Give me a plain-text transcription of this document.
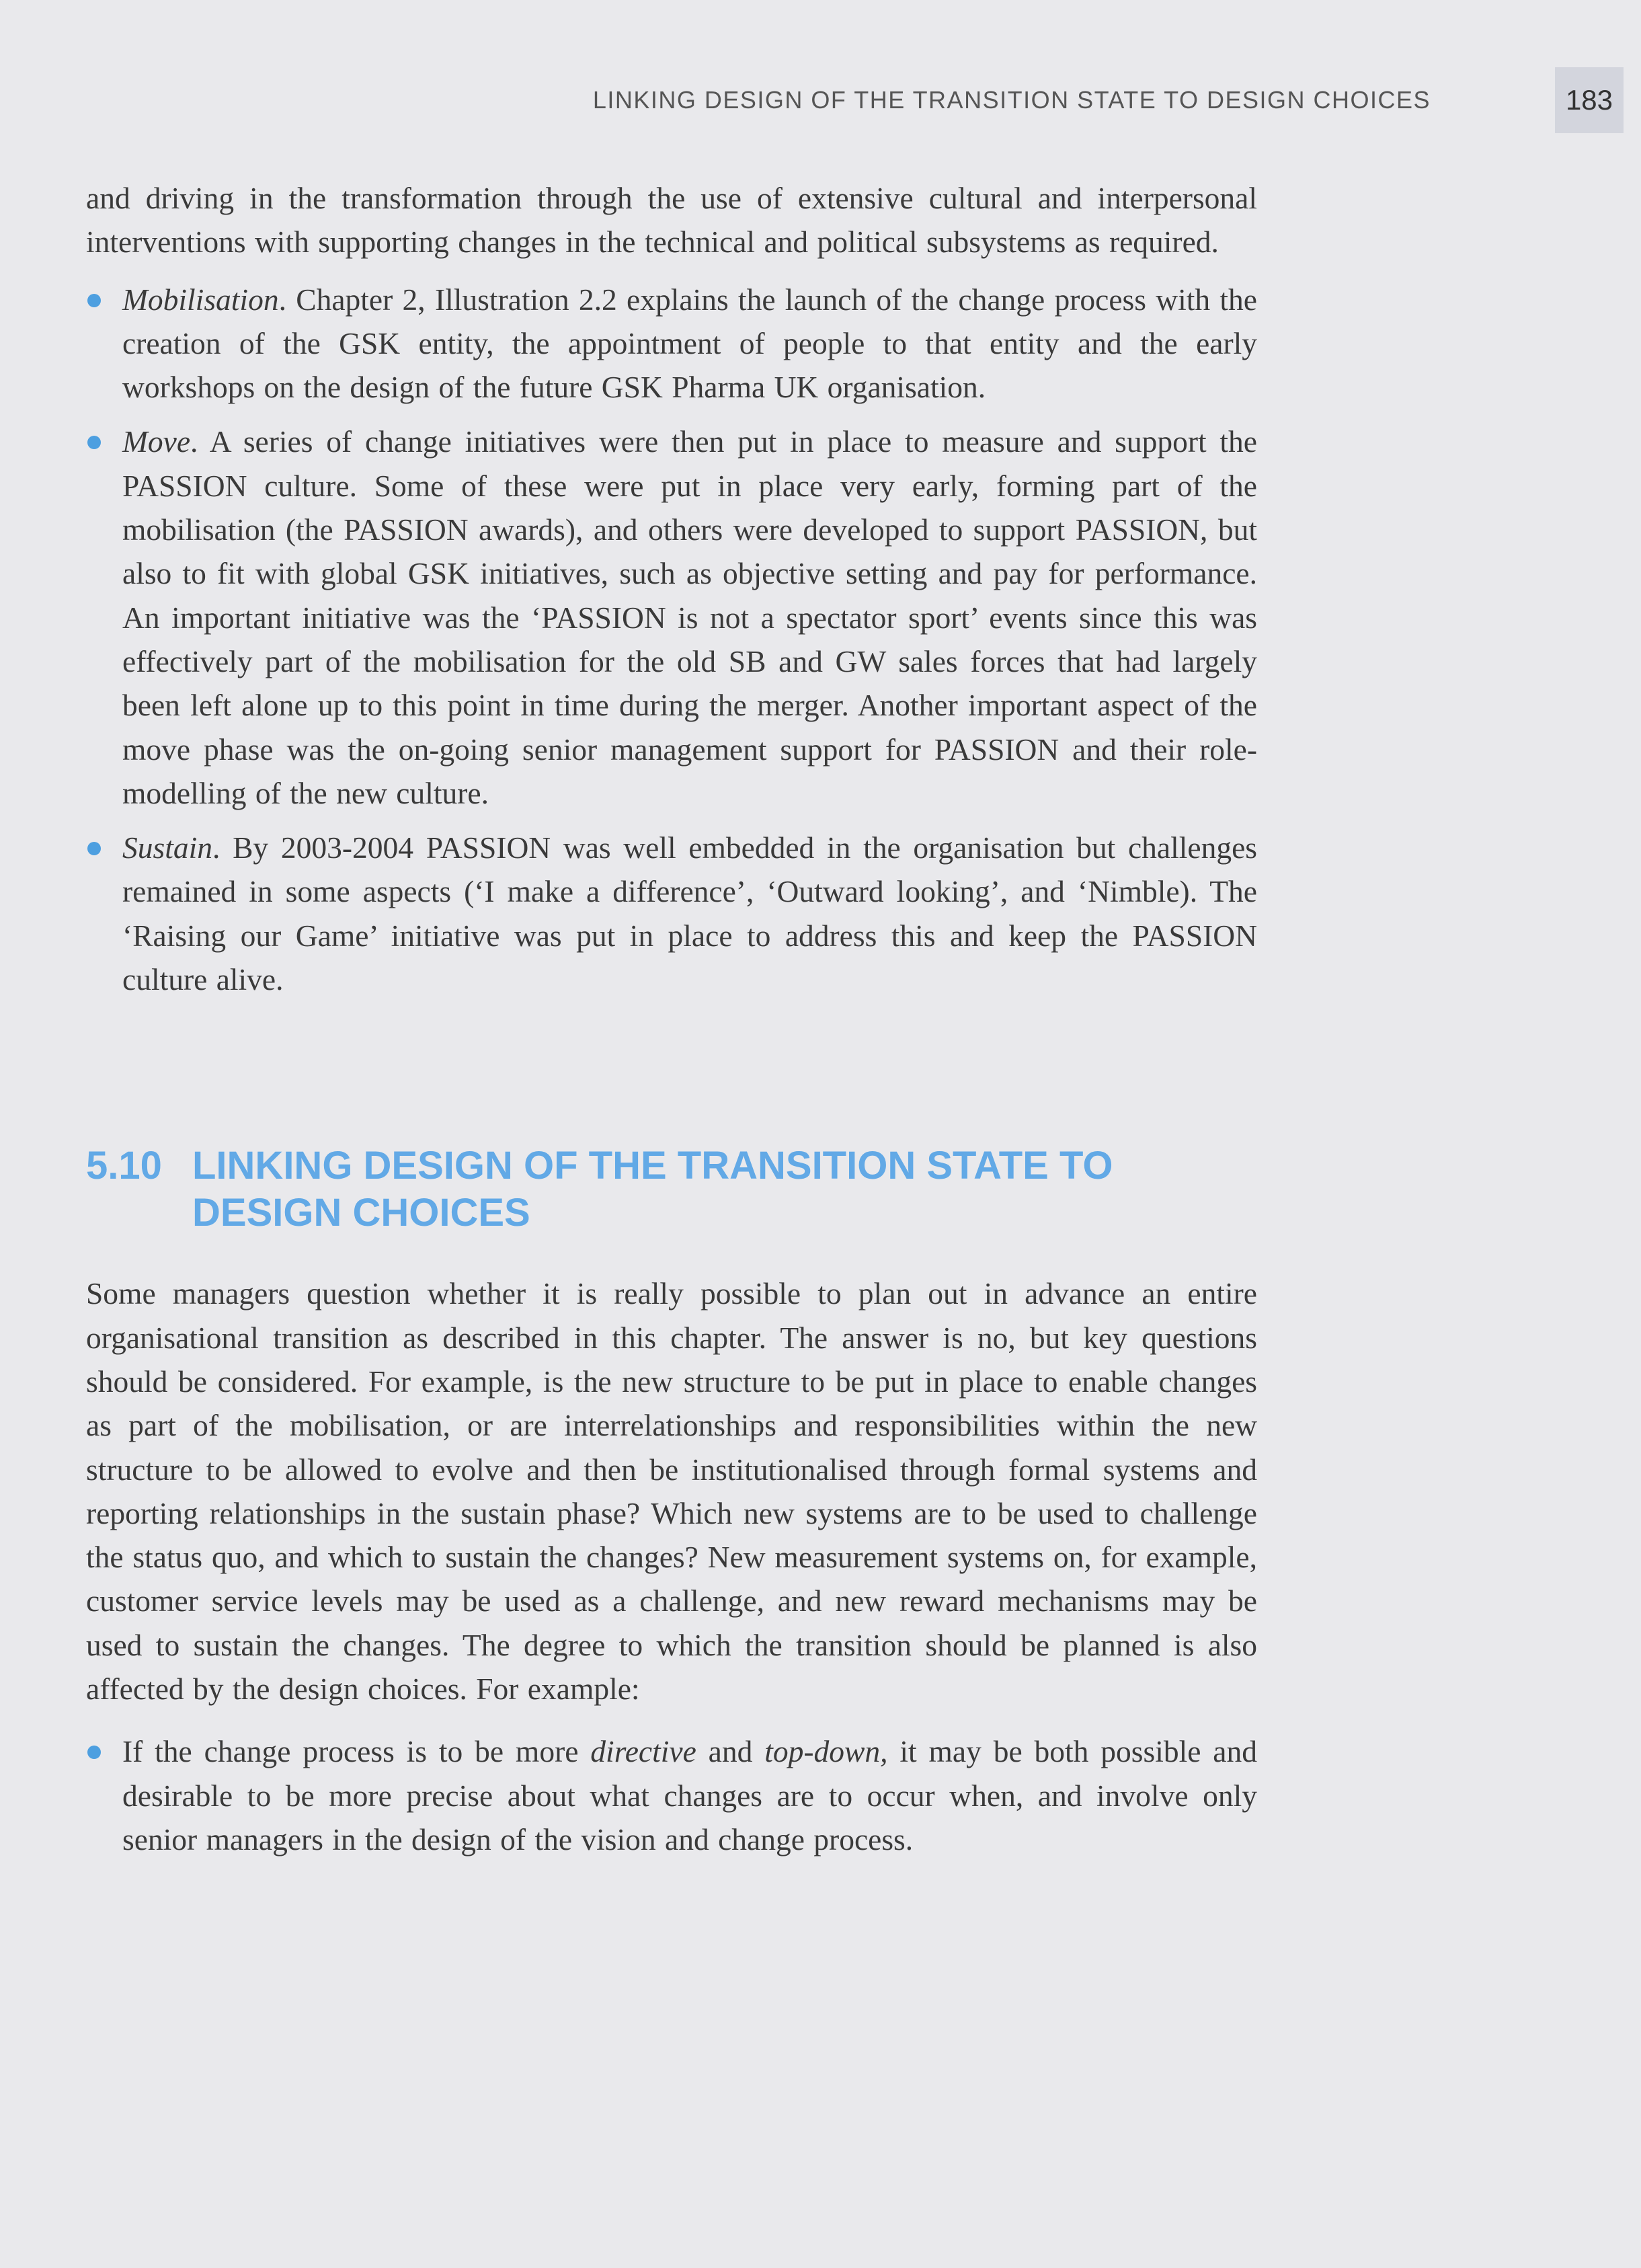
LINKING DESIGN OF THE TRANSITION STATE TO DESIGN CHOICES	183

and driving in the transformation through the use of extensive cultural and interpersonal interventions with supporting changes in the technical and political subsystems as required.

Mobilisation. Chapter 2, Illustration 2.2 explains the launch of the change process with the creation of the GSK entity, the appointment of people to that entity and the early workshops on the design of the future GSK Pharma UK organisation.
Move. A series of change initiatives were then put in place to measure and support the PASSION culture. Some of these were put in place very early, forming part of the mobilisation (the PASSION awards), and others were developed to support PASSION, but also to fit with global GSK initiatives, such as objective setting and pay for performance. An important initiative was the ‘PASSION is not a spectator sport’ events since this was effectively part of the mobilisation for the old SB and GW sales forces that had largely been left alone up to this point in time during the merger. Another important aspect of the move phase was the on-going senior management support for PASSION and their role-modelling of the new culture.
Sustain. By 2003-2004 PASSION was well embedded in the organisation but challenges remained in some aspects (‘I make a difference’, ‘Outward looking’, and ‘Nimble). The ‘Raising our Game’ initiative was put in place to address this and keep the PASSION culture alive.
5.10 LINKING DESIGN OF THE TRANSITION STATE TO DESIGN CHOICES

Some managers question whether it is really possible to plan out in advance an entire organisational transition as described in this chapter. The answer is no, but key questions should be considered. For example, is the new structure to be put in place to enable changes as part of the mobilisation, or are interrelationships and responsibilities within the new structure to be allowed to evolve and then be institutionalised through formal systems and reporting relationships in the sustain phase? Which new systems are to be used to challenge the status quo, and which to sustain the changes? New measurement systems on, for example, customer service levels may be used as a challenge, and new reward mechanisms may be used to sustain the changes. The degree to which the transition should be planned is also affected by the design choices. For example:

If the change process is to be more directive and top-down, it may be both possible and desirable to be more precise about what changes are to occur when, and involve only senior managers in the design of the vision and change process.
